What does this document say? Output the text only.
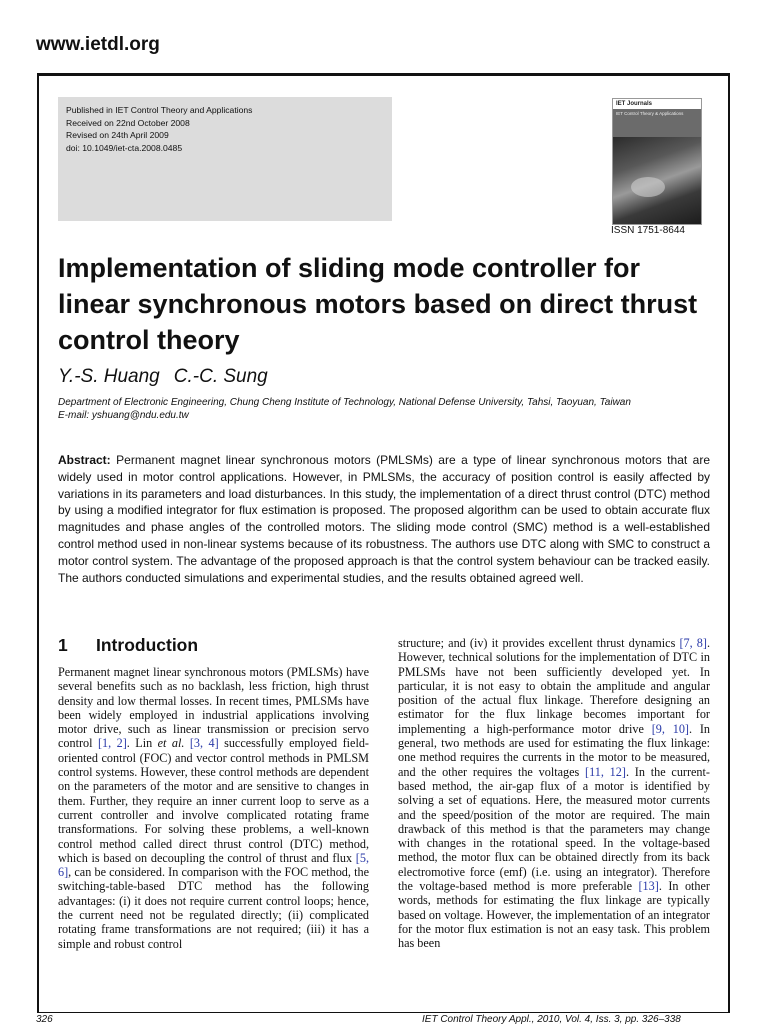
www.ietdl.org
Published in IET Control Theory and Applications
Received on 22nd October 2008
Revised on 24th April 2009
doi: 10.1049/iet-cta.2008.0485
IET Journals
IET Control Theory & Applications
ISSN 1751-8644
Implementation of sliding mode controller for linear synchronous motors based on direct thrust control theory
Y.-S. Huang C.-C. Sung
Department of Electronic Engineering, Chung Cheng Institute of Technology, National Defense University, Tahsi, Taoyuan, Taiwan
E-mail: yshuang@ndu.edu.tw
Abstract: Permanent magnet linear synchronous motors (PMLSMs) are a type of linear synchronous motors that are widely used in motor control applications. However, in PMLSMs, the accuracy of position control is easily affected by variations in its parameters and load disturbances. In this study, the implementation of a direct thrust control (DTC) method by using a modified integrator for flux estimation is proposed. The proposed algorithm can be used to obtain accurate flux magnitudes and phase angles of the controlled motors. The sliding mode control (SMC) method is a well-established control method used in non-linear systems because of its robustness. The authors use DTC along with SMC to construct a motor control system. The advantage of the proposed approach is that the control system behaviour can be tracked easily. The authors conducted simulations and experimental studies, and the results obtained agreed well.
1 Introduction
Permanent magnet linear synchronous motors (PMLSMs) have several benefits such as no backlash, less friction, high thrust density and low thermal losses. In recent times, PMLSMs have been widely employed in industrial applications involving motor drive, such as linear transmission or precision servo control [1, 2]. Lin et al. [3, 4] successfully employed field-oriented control (FOC) and vector control methods in PMLSM control systems. However, these control methods are dependent on the parameters of the motor and are sensitive to changes in them. Further, they require an inner current loop to serve as a current controller and involve complicated rotating frame transformations. For solving these problems, a well-known control method called direct thrust control (DTC) method, which is based on decoupling the control of thrust and flux [5, 6], can be considered. In comparison with the FOC method, the switching-table-based DTC method has the following advantages: (i) it does not require current control loops; hence, the current need not be regulated directly; (ii) complicated rotating frame transformations are not required; (iii) it has a simple and robust control
structure; and (iv) it provides excellent thrust dynamics [7, 8]. However, technical solutions for the implementation of DTC in PMLSMs have not been sufficiently developed yet. In particular, it is not easy to obtain the amplitude and angular position of the actual flux linkage. Therefore designing an estimator for the flux linkage becomes important for implementing a high-performance motor drive [9, 10]. In general, two methods are used for estimating the flux linkage: one method requires the currents in the motor to be measured, and the other requires the voltages [11, 12]. In the current-based method, the air-gap flux of a motor is identified by solving a set of equations. Here, the measured motor currents and the speed/position of the motor are required. The main drawback of this method is that the parameters may change with changes in the rotational speed. In the voltage-based method, the motor flux can be obtained directly from its back electromotive force (emf) (i.e. using an integrator). Therefore the voltage-based method is more preferable [13]. In other words, methods for estimating the flux linkage are typically based on voltage. However, the implementation of an integrator for the motor flux estimation is not an easy task. This problem has been
326	IET Control Theory Appl., 2010, Vol. 4, Iss. 3, pp. 326–338
